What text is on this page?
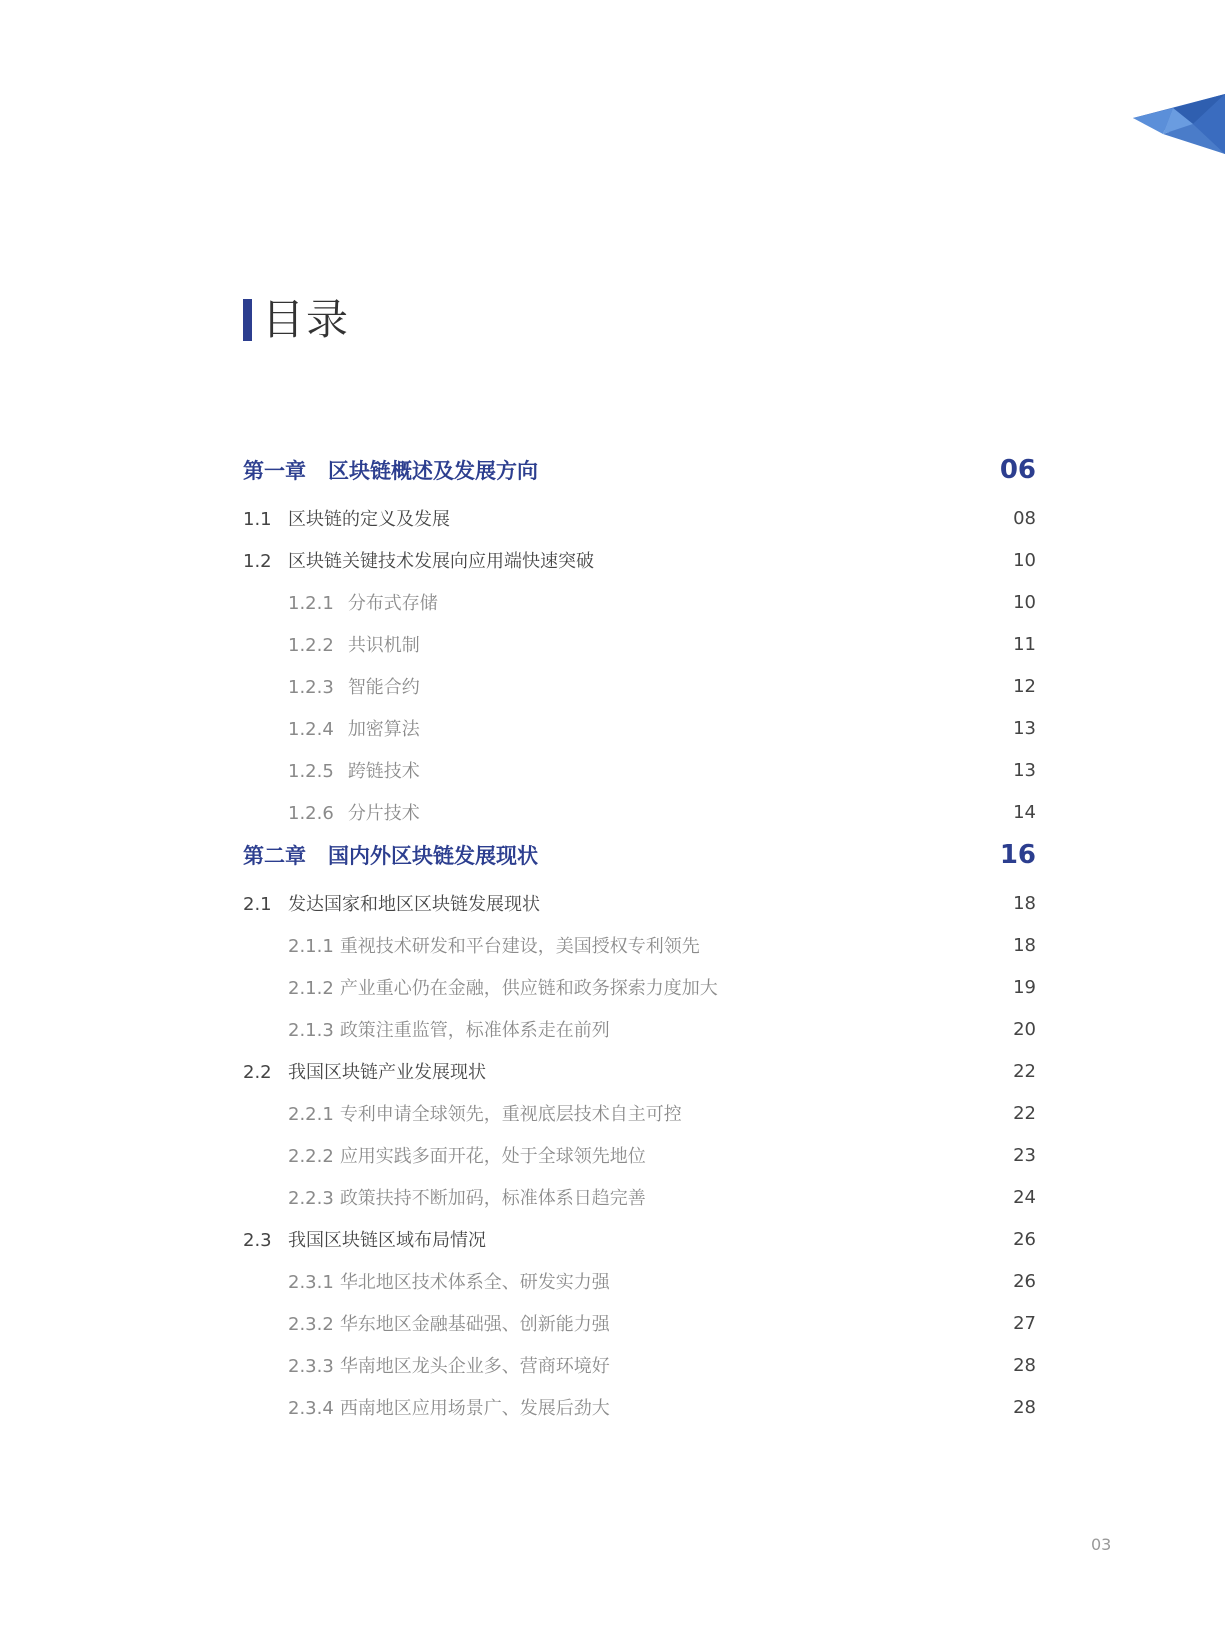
目录
第一章 区块链概述及发展方向	06
1.1 区块链的定义及发展	08
1.2 区块链关键技术发展向应用端快速突破	10
1.2.1 分布式存储	10
1.2.2 共识机制	11
1.2.3 智能合约	12
1.2.4 加密算法	13
1.2.5 跨链技术	13
1.2.6 分片技术	14
第二章 国内外区块链发展现状	16
2.1 发达国家和地区区块链发展现状	18
2.1.1 重视技术研发和平台建设，美国授权专利领先	18
2.1.2 产业重心仍在金融，供应链和政务探索力度加大	19
2.1.3 政策注重监管，标准体系走在前列	20
2.2 我国区块链产业发展现状	22
2.2.1 专利申请全球领先，重视底层技术自主可控	22
2.2.2 应用实践多面开花，处于全球领先地位	23
2.2.3 政策扶持不断加码，标准体系日趋完善	24
2.3 我国区块链区域布局情况	26
2.3.1 华北地区技术体系全、研发实力强	26
2.3.2 华东地区金融基础强、创新能力强	27
2.3.3 华南地区龙头企业多、营商环境好	28
2.3.4 西南地区应用场景广、发展后劲大	28
03
